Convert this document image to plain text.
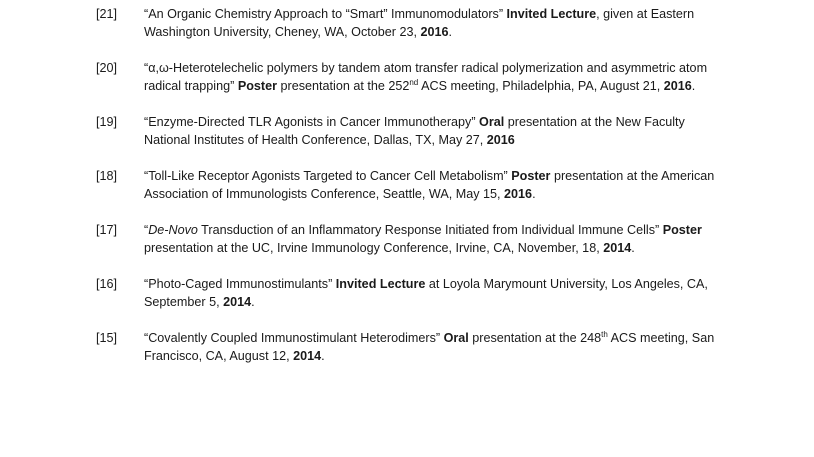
[21] “An Organic Chemistry Approach to “Smart” Immunomodulators” Invited Lecture, given at Eastern Washington University, Cheney, WA, October 23, 2016.
[20] “α,ω-Heterotelechelic polymers by tandem atom transfer radical polymerization and asymmetric atom radical trapping” Poster presentation at the 252nd ACS meeting, Philadelphia, PA, August 21, 2016.
[19] “Enzyme-Directed TLR Agonists in Cancer Immunotherapy” Oral presentation at the New Faculty National Institutes of Health Conference, Dallas, TX, May 27, 2016
[18] “Toll-Like Receptor Agonists Targeted to Cancer Cell Metabolism” Poster presentation at the American Association of Immunologists Conference, Seattle, WA, May 15, 2016.
[17] “De-Novo Transduction of an Inflammatory Response Initiated from Individual Immune Cells” Poster presentation at the UC, Irvine Immunology Conference, Irvine, CA, November, 18, 2014.
[16] “Photo-Caged Immunostimulants” Invited Lecture at Loyola Marymount University, Los Angeles, CA, September 5, 2014.
[15] “Covalently Coupled Immunostimulant Heterodimers” Oral presentation at the 248th ACS meeting, San Francisco, CA, August 12, 2014.
